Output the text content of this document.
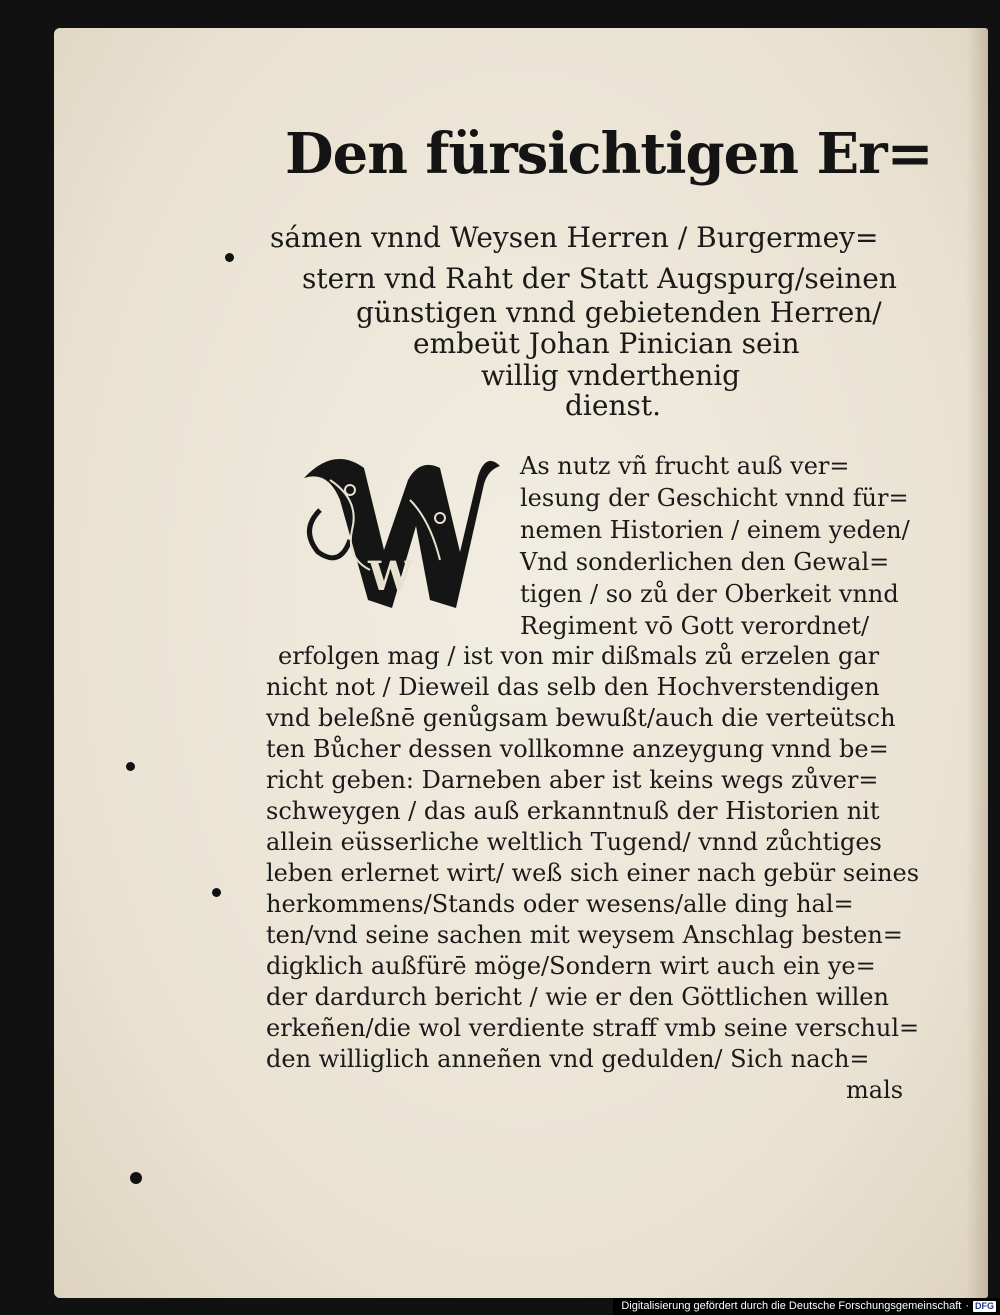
Den fürsichtigen Er=
sámen vnnd Weysen Herren / Burgermey=
stern vnd Raht der Statt Augspurg/seinen
günstigen vnnd gebietenden Herren/
embeüt Johan Pinician sein
willig vnderthenig
dienst.
W
As nutz vñ frucht auß ver=
lesung der Geschicht vnnd für=
nemen Historien / einem yeden/
Vnd sonderlichen den Gewal=
tigen / so zů der Oberkeit vnnd
Regiment vō Gott verordnet/
erfolgen mag / ist von mir dißmals zů erzelen gar
nicht not / Dieweil das selb den Hochverstendigen
vnd beleßnē genůgsam bewußt/auch die verteütsch
ten Bůcher dessen vollkomne anzeygung vnnd be=
richt geben: Darneben aber ist keins wegs zůver=
schweygen / das auß erkanntnuß der Historien nit
allein eüsserliche weltlich Tugend/ vnnd zůchtiges
leben erlernet wirt/ weß sich einer nach gebür seines
herkommens/Stands oder wesens/alle ding hal=
ten/vnd seine sachen mit weysem Anschlag besten=
digklich außfürē möge/Sondern wirt auch ein ye=
der dardurch bericht / wie er den Göttlichen willen
erkeñen/die wol verdiente straff vmb seine verschul=
den williglich anneñen vnd gedulden/ Sich nach=
mals
Digitalisierung gefördert durch die Deutsche Forschungsgemeinschaft · DFG
